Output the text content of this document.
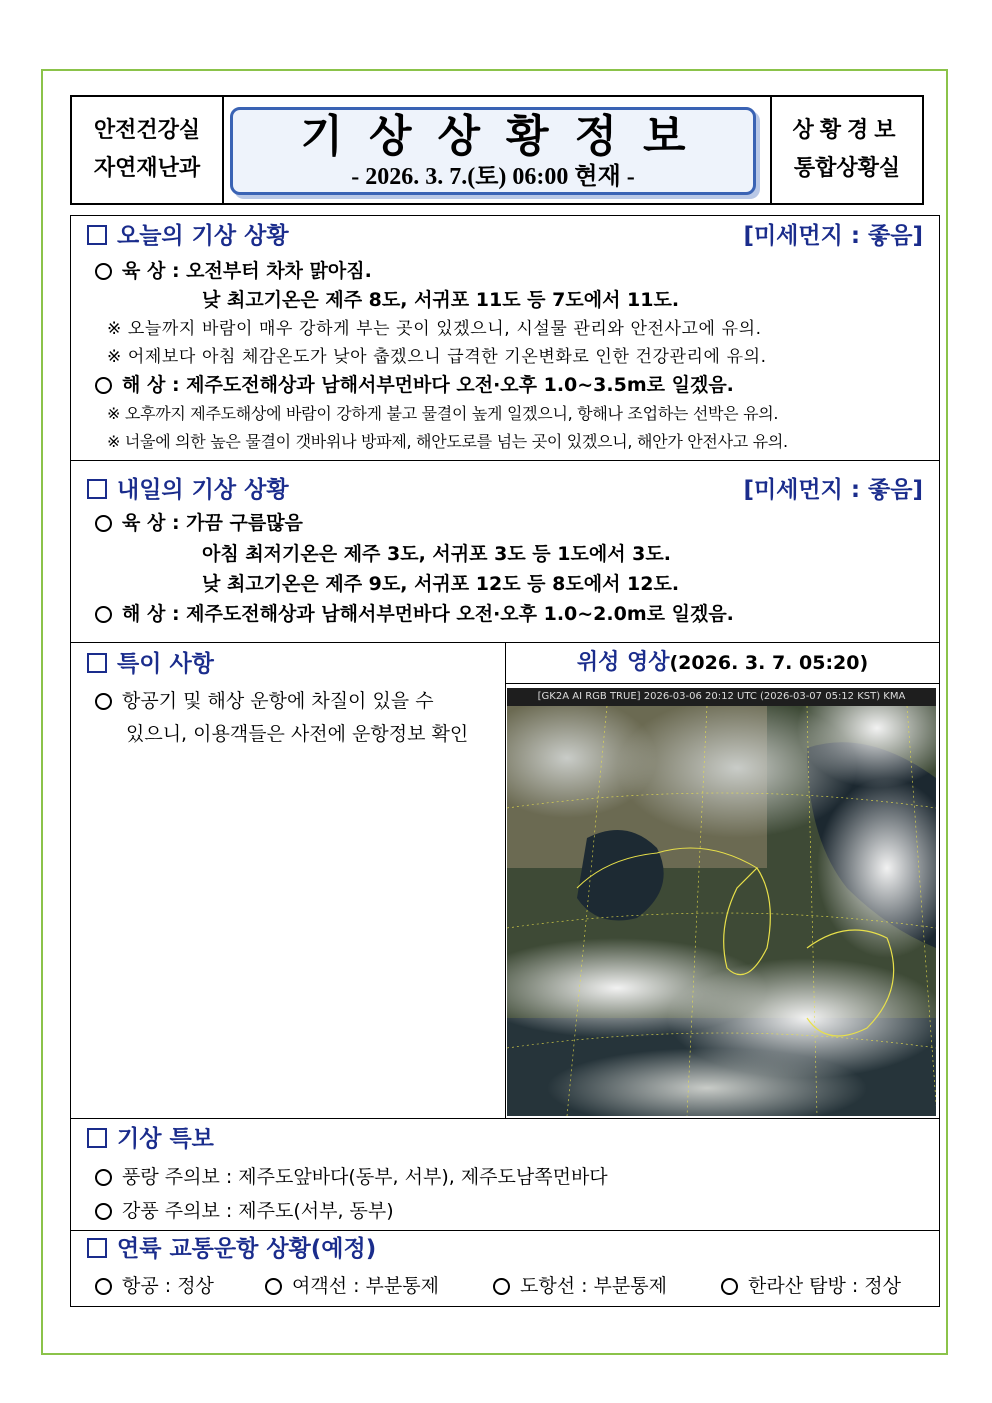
안전건강실
자연재난과
기상상황정보
- 2026. 3. 7.(토) 06:00 현재 -
상황경보
통합상황실
오늘의 기상 상황	[미세먼지 : 좋음]
육 상 : 오전부터 차차 맑아짐.
낮 최고기온은 제주 8도, 서귀포 11도 등 7도에서 11도.
※ 오늘까지 바람이 매우 강하게 부는 곳이 있겠으니, 시설물 관리와 안전사고에 유의.
※ 어제보다 아침 체감온도가 낮아 춥겠으니 급격한 기온변화로 인한 건강관리에 유의.
해 상 : 제주도전해상과 남해서부먼바다 오전·오후 1.0~3.5m로 일겠음.
※ 오후까지 제주도해상에 바람이 강하게 불고 물결이 높게 일겠으니, 항해나 조업하는 선박은 유의.
※ 너울에 의한 높은 물결이 갯바위나 방파제, 해안도로를 넘는 곳이 있겠으니, 해안가 안전사고 유의.
내일의 기상 상황	[미세먼지 : 좋음]
육 상 : 가끔 구름많음
아침 최저기온은 제주 3도, 서귀포 3도 등 1도에서 3도.
낮 최고기온은 제주 9도, 서귀포 12도 등 8도에서 12도.
해 상 : 제주도전해상과 남해서부먼바다 오전·오후 1.0~2.0m로 일겠음.
특이 사항
항공기 및 해상 운항에 차질이 있을 수
있으니, 이용객들은 사전에 운항정보 확인
위성 영상(2026. 3. 7. 05:20)
[GK2A AI RGB TRUE] 2026-03-06 20:12 UTC (2026-03-07 05:12 KST) KMA
기상 특보
풍랑 주의보 : 제주도앞바다(동부, 서부), 제주도남쪽먼바다
강풍 주의보 : 제주도(서부, 동부)
연륙 교통운항 상황(예정)
항공 : 정상	여객선 : 부분통제	도항선 : 부분통제	한라산 탐방 : 정상
